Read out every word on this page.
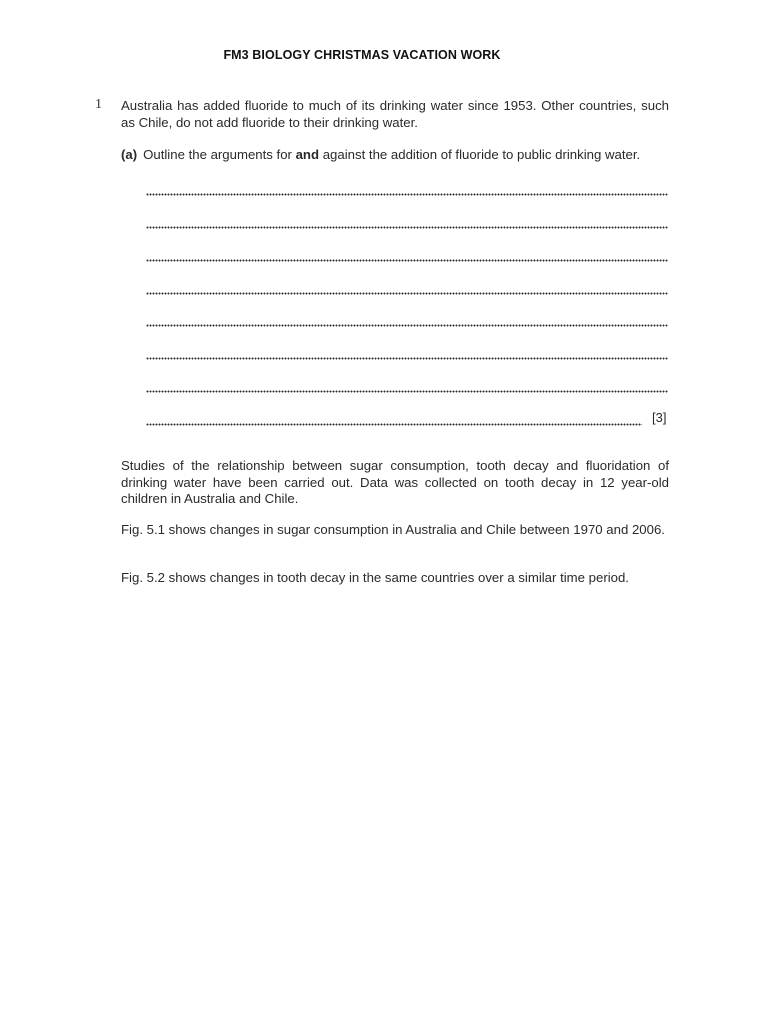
FM3 BIOLOGY CHRISTMAS VACATION WORK
1 Australia has added fluoride to much of its drinking water since 1953. Other countries, such as Chile, do not add fluoride to their drinking water.
(a) Outline the arguments for and against the addition of fluoride to public drinking water.
[3]
Studies of the relationship between sugar consumption, tooth decay and fluoridation of drinking water have been carried out. Data was collected on tooth decay in 12 year-old children in Australia and Chile.
Fig. 5.1 shows changes in sugar consumption in Australia and Chile between 1970 and 2006.
Fig. 5.2 shows changes in tooth decay in the same countries over a similar time period.
